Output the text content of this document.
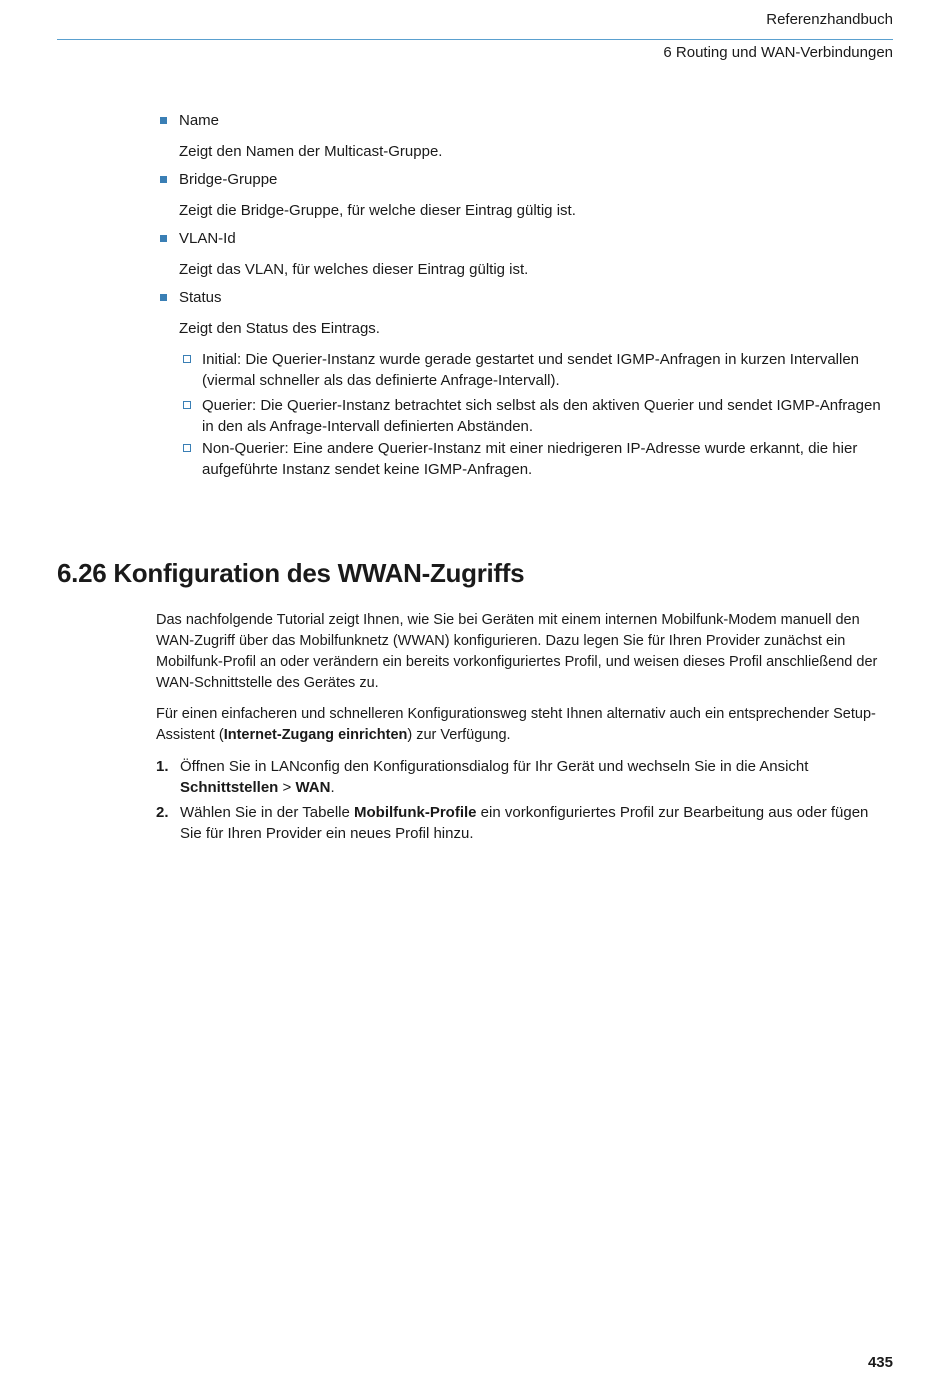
Referenzhandbuch
6 Routing und WAN-Verbindungen
Name
Zeigt den Namen der Multicast-Gruppe.
Bridge-Gruppe
Zeigt die Bridge-Gruppe, für welche dieser Eintrag gültig ist.
VLAN-Id
Zeigt das VLAN, für welches dieser Eintrag gültig ist.
Status
Zeigt den Status des Eintrags.
Initial: Die Querier-Instanz wurde gerade gestartet und sendet IGMP-Anfragen in kurzen Intervallen (viermal schneller als das definierte Anfrage-Intervall).
Querier: Die Querier-Instanz betrachtet sich selbst als den aktiven Querier und sendet IGMP-Anfragen in den als Anfrage-Intervall definierten Abständen.
Non-Querier: Eine andere Querier-Instanz mit einer niedrigeren IP-Adresse wurde erkannt, die hier aufgeführte Instanz sendet keine IGMP-Anfragen.
6.26 Konfiguration des WWAN-Zugriffs
Das nachfolgende Tutorial zeigt Ihnen, wie Sie bei Geräten mit einem internen Mobilfunk-Modem manuell den WAN-Zugriff über das Mobilfunknetz (WWAN) konfigurieren. Dazu legen Sie für Ihren Provider zunächst ein Mobilfunk-Profil an oder verändern ein bereits vorkonfiguriertes Profil, und weisen dieses Profil anschließend der WAN-Schnittstelle des Gerätes zu.
Für einen einfacheren und schnelleren Konfigurationsweg steht Ihnen alternativ auch ein entsprechender Setup-Assistent (Internet-Zugang einrichten) zur Verfügung.
1. Öffnen Sie in LANconfig den Konfigurationsdialog für Ihr Gerät und wechseln Sie in die Ansicht Schnittstellen > WAN.
2. Wählen Sie in der Tabelle Mobilfunk-Profile ein vorkonfiguriertes Profil zur Bearbeitung aus oder fügen Sie für Ihren Provider ein neues Profil hinzu.
435
